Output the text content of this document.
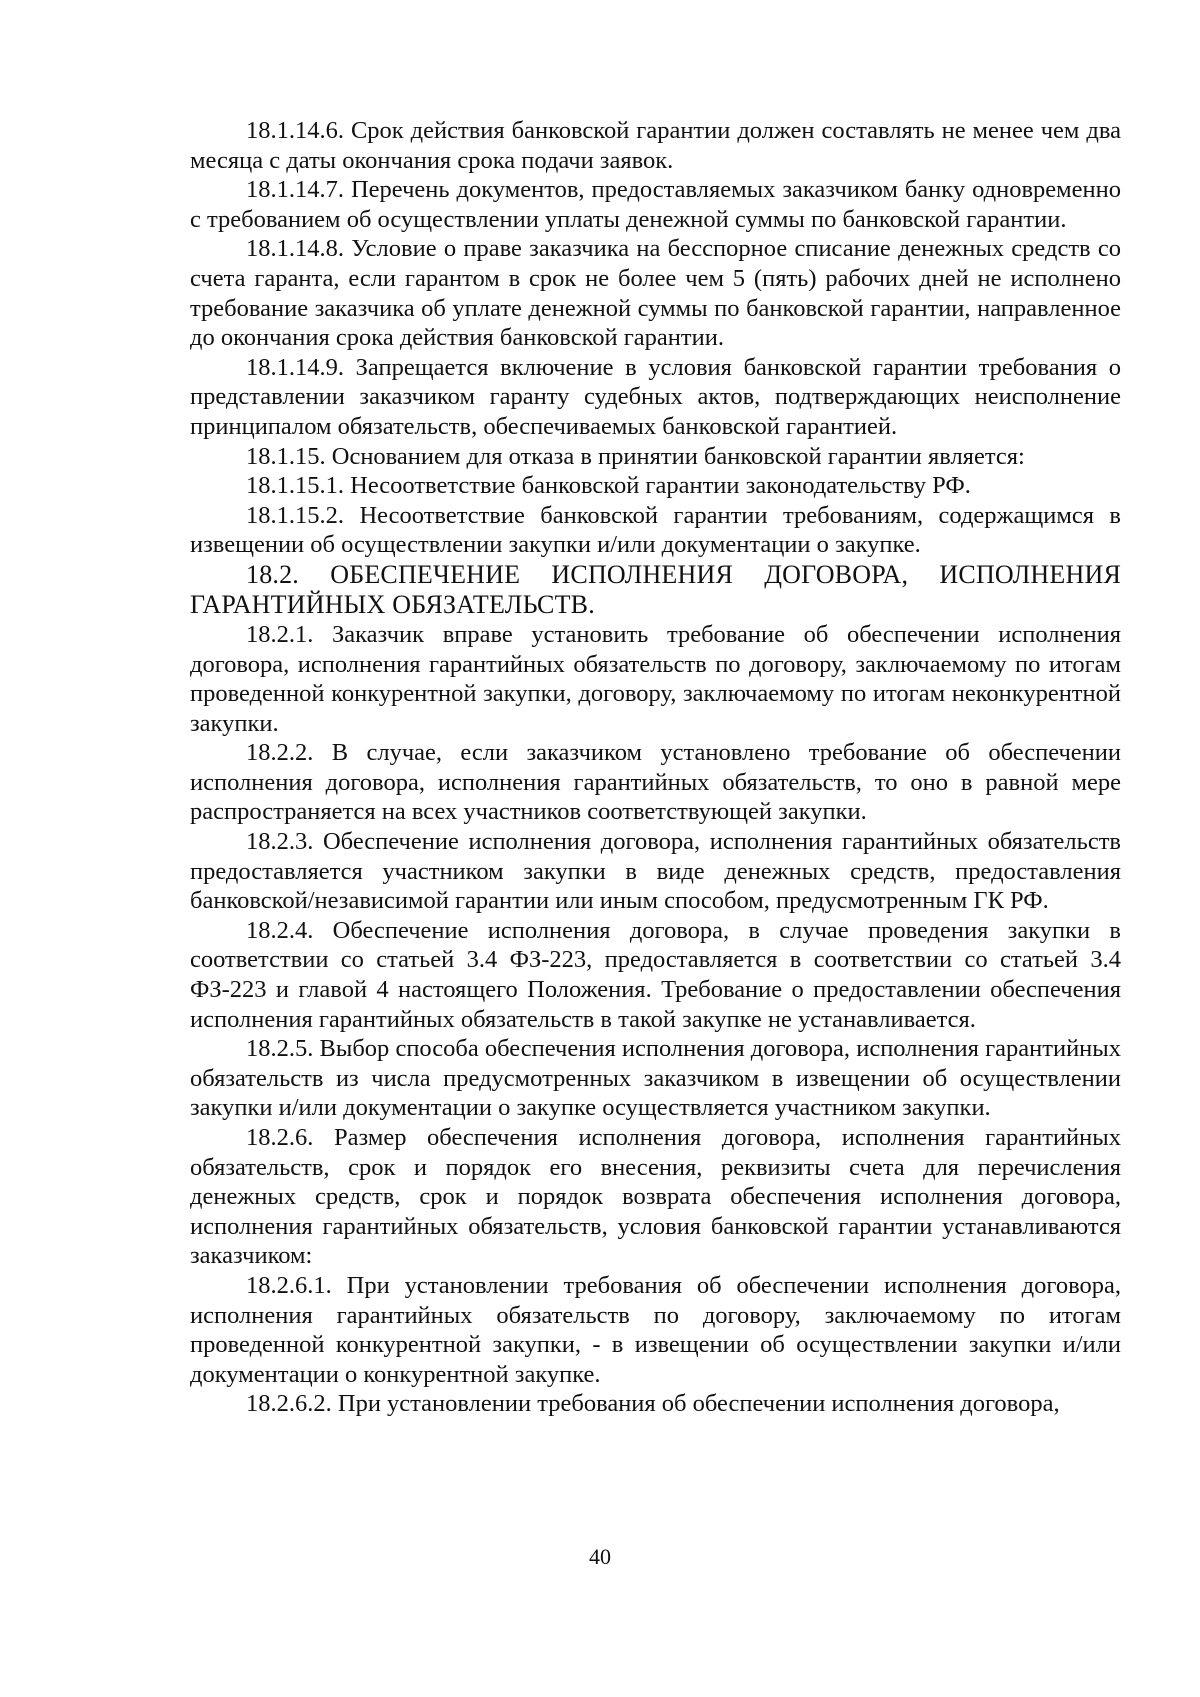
18.1.14.6. Срок действия банковской гарантии должен составлять не менее чем два месяца с даты окончания срока подачи заявок.

18.1.14.7. Перечень документов, предоставляемых заказчиком банку одновременно с требованием об осуществлении уплаты денежной суммы по банковской гарантии.

18.1.14.8. Условие о праве заказчика на бесспорное списание денежных средств со счета гаранта, если гарантом в срок не более чем 5 (пять) рабочих дней не исполнено требование заказчика об уплате денежной суммы по банковской гарантии, направленное до окончания срока действия банковской гарантии.

18.1.14.9. Запрещается включение в условия банковской гарантии требования о представлении заказчиком гаранту судебных актов, подтверждающих неисполнение принципалом обязательств, обеспечиваемых банковской гарантией.

18.1.15. Основанием для отказа в принятии банковской гарантии является:

18.1.15.1. Несоответствие банковской гарантии законодательству РФ.

18.1.15.2. Несоответствие банковской гарантии требованиям, содержащимся в извещении об осуществлении закупки и/или документации о закупке.

18.2. ОБЕСПЕЧЕНИЕ ИСПОЛНЕНИЯ ДОГОВОРА, ИСПОЛНЕНИЯ ГАРАНТИЙНЫХ ОБЯЗАТЕЛЬСТВ.

18.2.1. Заказчик вправе установить требование об обеспечении исполнения договора, исполнения гарантийных обязательств по договору, заключаемому по итогам проведенной конкурентной закупки, договору, заключаемому по итогам неконкурентной закупки.

18.2.2. В случае, если заказчиком установлено требование об обеспечении исполнения договора, исполнения гарантийных обязательств, то оно в равной мере распространяется на всех участников соответствующей закупки.

18.2.3. Обеспечение исполнения договора, исполнения гарантийных обязательств предоставляется участником закупки в виде денежных средств, предоставления банковской/независимой гарантии или иным способом, предусмотренным ГК РФ.

18.2.4. Обеспечение исполнения договора, в случае проведения закупки в соответствии со статьей 3.4 ФЗ-223, предоставляется в соответствии со статьей 3.4 ФЗ-223 и главой 4 настоящего Положения. Требование о предоставлении обеспечения исполнения гарантийных обязательств в такой закупке не устанавливается.

18.2.5. Выбор способа обеспечения исполнения договора, исполнения гарантийных обязательств из числа предусмотренных заказчиком в извещении об осуществлении закупки и/или документации о закупке осуществляется участником закупки.

18.2.6. Размер обеспечения исполнения договора, исполнения гарантийных обязательств, срок и порядок его внесения, реквизиты счета для перечисления денежных средств, срок и порядок возврата обеспечения исполнения договора, исполнения гарантийных обязательств, условия банковской гарантии устанавливаются заказчиком:

18.2.6.1. При установлении требования об обеспечении исполнения договора, исполнения гарантийных обязательств по договору, заключаемому по итогам проведенной конкурентной закупки, - в извещении об осуществлении закупки и/или документации о конкурентной закупке.

18.2.6.2. При установлении требования об обеспечении исполнения договора,

40
